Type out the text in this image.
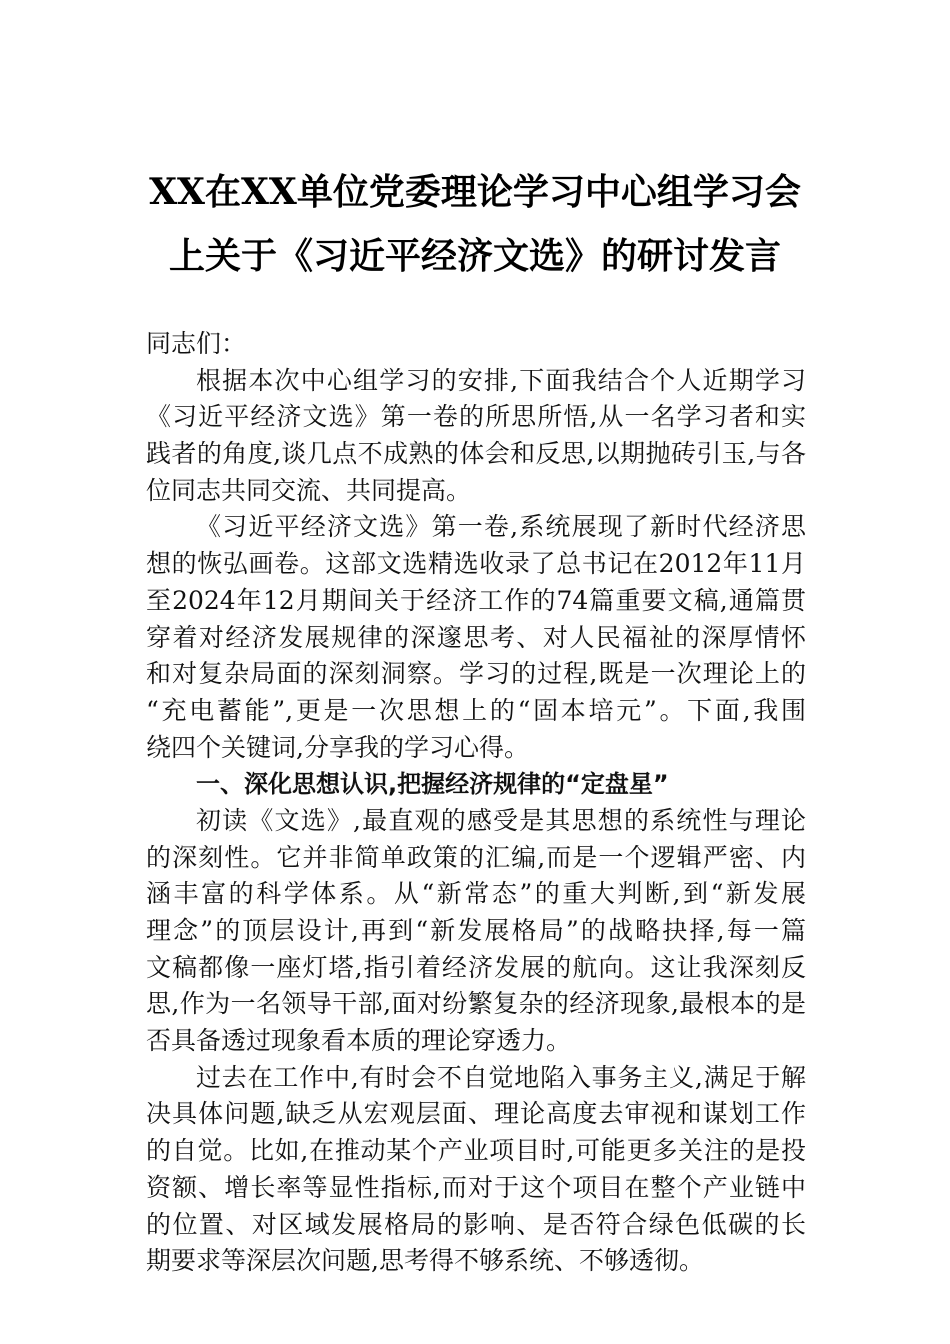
XX在XX单位党委理论学习中心组学习会
上关于《习近平经济文选》的研讨发言

同志们：

根据本次中心组学习的安排,下面我结合个人近期学习

《习近平经济文选》第一卷的所思所悟,从一名学习者和实

践者的角度,谈几点不成熟的体会和反思,以期抛砖引玉,与各

位同志共同交流、共同提高。

《习近平经济文选》第一卷,系统展现了新时代经济思

想的恢弘画卷。这部文选精选收录了总书记在2012年11月

至2024年12月期间关于经济工作的74篇重要文稿,通篇贯

穿着对经济发展规律的深邃思考、对人民福祉的深厚情怀

和对复杂局面的深刻洞察。学习的过程,既是一次理论上的

“充电蓄能”,更是一次思想上的“固本培元”。下面,我围

绕四个关键词,分享我的学习心得。

一、深化思想认识,把握经济规律的“定盘星”

初读《文选》,最直观的感受是其思想的系统性与理论

的深刻性。它并非简单政策的汇编,而是一个逻辑严密、内

涵丰富的科学体系。从“新常态”的重大判断,到“新发展

理念”的顶层设计,再到“新发展格局”的战略抉择,每一篇

文稿都像一座灯塔,指引着经济发展的航向。这让我深刻反

思,作为一名领导干部,面对纷繁复杂的经济现象,最根本的是

否具备透过现象看本质的理论穿透力。

过去在工作中,有时会不自觉地陷入事务主义,满足于解

决具体问题,缺乏从宏观层面、理论高度去审视和谋划工作

的自觉。比如,在推动某个产业项目时,可能更多关注的是投

资额、增长率等显性指标,而对于这个项目在整个产业链中

的位置、对区域发展格局的影响、是否符合绿色低碳的长

期要求等深层次问题,思考得不够系统、不够透彻。
